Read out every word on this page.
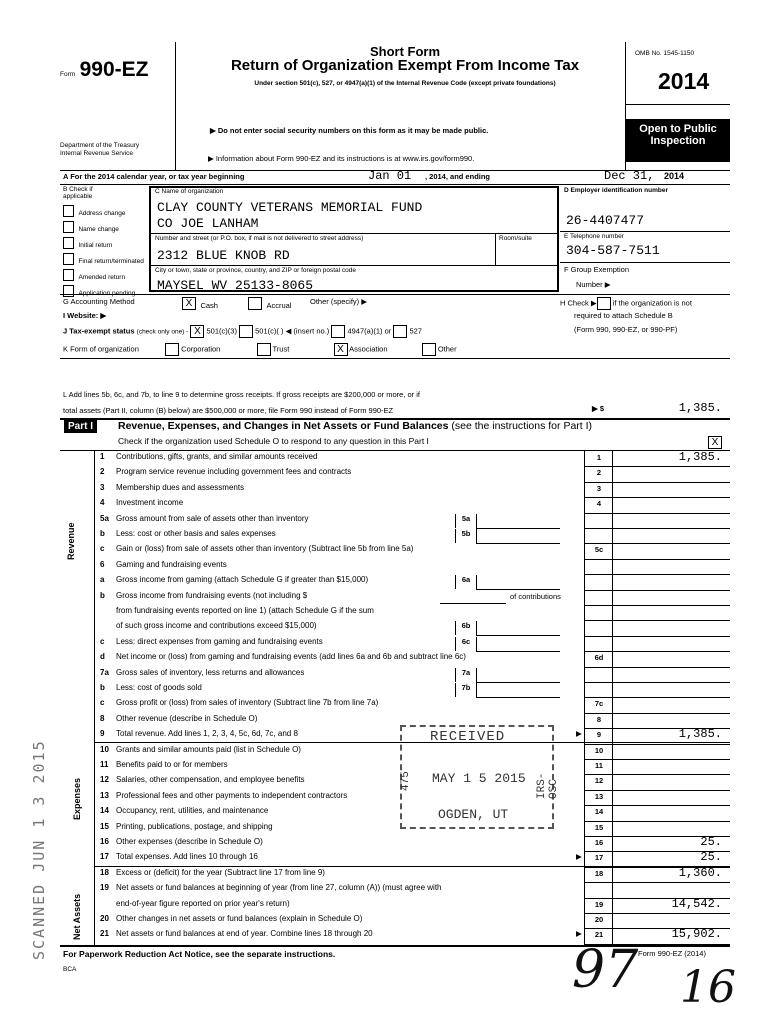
Form 990-EZ
Department of the Treasury
Internal Revenue Service
Short Form
Return of Organization Exempt From Income Tax
Under section 501(c), 527, or 4947(a)(1) of the Internal Revenue Code (except private foundations)
▶ Do not enter social security numbers on this form as it may be made public.
▶ Information about Form 990-EZ and its instructions is at www.irs.gov/form990.
OMB No. 1545-1150
2014
Open to Public
Inspection
A For the 2014 calendar year, or tax year beginning	Jan 01 , 2014, and ending	Dec 31, 2014
B Check if applicable
Address change
Name change
Initial return
Final return/terminated
Amended return
Application pending
C Name of organization
CLAY COUNTY VETERANS MEMORIAL FUND
CO JOE LANHAM
Number and street (or P.O. box, if mail is not delivered to street address)	Room/suite
2312 BLUE KNOB RD
City or town, state or province, country, and ZIP or foreign postal code
MAYSEL WV 25133-8065
D Employer identification number
26-4407477
E Telephone number
304-587-7511
F Group Exemption
Number ▶
G Accounting Method	X Cash	Accrual Other (specify) ▶	H Check ▶ if the organization is not
required to attach Schedule B
(Form 990, 990-EZ, or 990-PF)
I Website: ▶
J Tax-exempt status (check only one) - X 501(c)(3) 501(c)( ) ◀ (insert no.) 4947(a)(1) or 527
K Form of organization	Corporation	Trust	X Association	Other
L Add lines 5b, 6c, and 7b, to line 9 to determine gross receipts. If gross receipts are $200,000 or more, or if
total assets (Part II, column (B) below) are $500,000 or more, file Form 990 instead of Form 990-EZ	▶ $	1,385.
Part I	Revenue, Expenses, and Changes in Net Assets or Fund Balances (see the instructions for Part I)
Check if the organization used Schedule O to respond to any question in this Part I	X
Revenue
Expenses
Net Assets
1 Contributions, gifts, grants, and similar amounts received	1	1,385.
2 Program service revenue including government fees and contracts	2
3 Membership dues and assessments	3
4 Investment income	4
5a Gross amount from sale of assets other than inventory	5a
b Less: cost or other basis and sales expenses	5b
c Gain or (loss) from sale of assets other than inventory (Subtract line 5b from line 5a)	5c
6 Gaming and fundraising events
a Gross income from gaming (attach Schedule G if greater than $15,000)	6a
b Gross income from fundraising events (not including $	of contributions
from fundraising events reported on line 1) (attach Schedule G if the sum
of such gross income and contributions exceed $15,000)	6b
c Less: direct expenses from gaming and fundraising events	6c
d Net income or (loss) from gaming and fundraising events (add lines 6a and 6b and subtract line 6c)	6d
7a Gross sales of inventory, less returns and allowances	7a
b Less: cost of goods sold	7b
c Gross profit or (loss) from sales of inventory (Subtract line 7b from line 7a)	7c
8 Other revenue (describe in Schedule O)	8
9 Total revenue. Add lines 1, 2, 3, 4, 5c, 6d, 7c, and 8	▶	9	1,385.
10 Grants and similar amounts paid (list in Schedule O)	10
11 Benefits paid to or for members	11
12 Salaries, other compensation, and employee benefits	12
13 Professional fees and other payments to independent contractors	13
14 Occupancy, rent, utilities, and maintenance	14
15 Printing, publications, postage, and shipping	15
16 Other expenses (describe in Schedule O)	16	25.
17 Total expenses. Add lines 10 through 16	▶	17	25.
18 Excess or (deficit) for the year (Subtract line 17 from line 9)	18	1,360.
19 Net assets or fund balances at beginning of year (from line 27, column (A)) (must agree with
end-of-year figure reported on prior year's return)	19	14,542.
20 Other changes in net assets or fund balances (explain in Schedule O)	20
21 Net assets or fund balances at end of year. Combine lines 18 through 20	▶	21	15,902.
For Paperwork Reduction Act Notice, see the separate instructions.
BCA
Form 990-EZ (2014)
RECEIVED
MAY 1 5 2015
OGDEN, UT
475	IRS-OSC
SCANNED JUN 1 3 2015
97 16
